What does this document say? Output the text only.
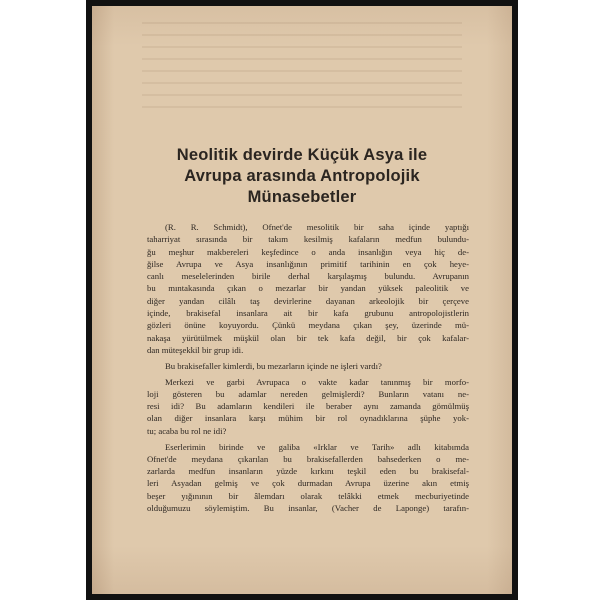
Neolitik devirde Küçük Asya ile
Avrupa arasında Antropolojik
Münasebetler
(R. R. Schmidt), Ofnet'de mesolitik bir saha içinde yaptığı
taharriyat sırasında bir takım kesilmiş kafaların medfun bulundu-
ğu meşhur makbereleri keşfedince o anda insanlığın veya hiç de-
ğilse Avrupa ve Asya insanlığının primitif tarihinin en çok heye-
canlı meselelerinden birile derhal karşılaşmış bulundu. Avrupanın
bu mıntakasında çıkan o mezarlar bir yandan yüksek paleolitik ve
diğer yandan cilâlı taş devirlerine dayanan arkeolojik bir çerçeve
içinde, brakisefal insanlara ait bir kafa grubunu antropolojistlerin
gözleri önüne koyuyordu. Çünkü meydana çıkan şey, üzerinde mü-
nakaşa yürütülmek müşkül olan bir tek kafa değil, bir çok kafalar-
dan müteşekkil bir grup idi.
Bu brakisefaller kimlerdi, bu mezarların içinde ne işleri vardı?
Merkezi ve garbi Avrupaca o vakte kadar tanınmış bir morfo-
loji gösteren bu adamlar nereden gelmişlerdi? Bunların vatanı ne-
resi idi? Bu adamların kendileri ile beraber aynı zamanda gömülmüş
olan diğer insanlara karşı mühim bir rol oynadıklarına şüphe yok-
tu; acaba bu rol ne idi?
Eserlerimin birinde ve galiba «Irklar ve Tarih» adlı kitabımda
Ofnet'de meydana çıkarılan bu brakisefallerden bahsederken o me-
zarlarda medfun insanların yüzde kırkını teşkil eden bu brakisefal-
leri Asyadan gelmiş ve çok durmadan Avrupa üzerine akın etmiş
beşer yığınının bir âlemdarı olarak telâkki etmek mecburiyetinde
olduğumuzu söylemiştim. Bu insanlar, (Vacher de Laponge) tarafın-
